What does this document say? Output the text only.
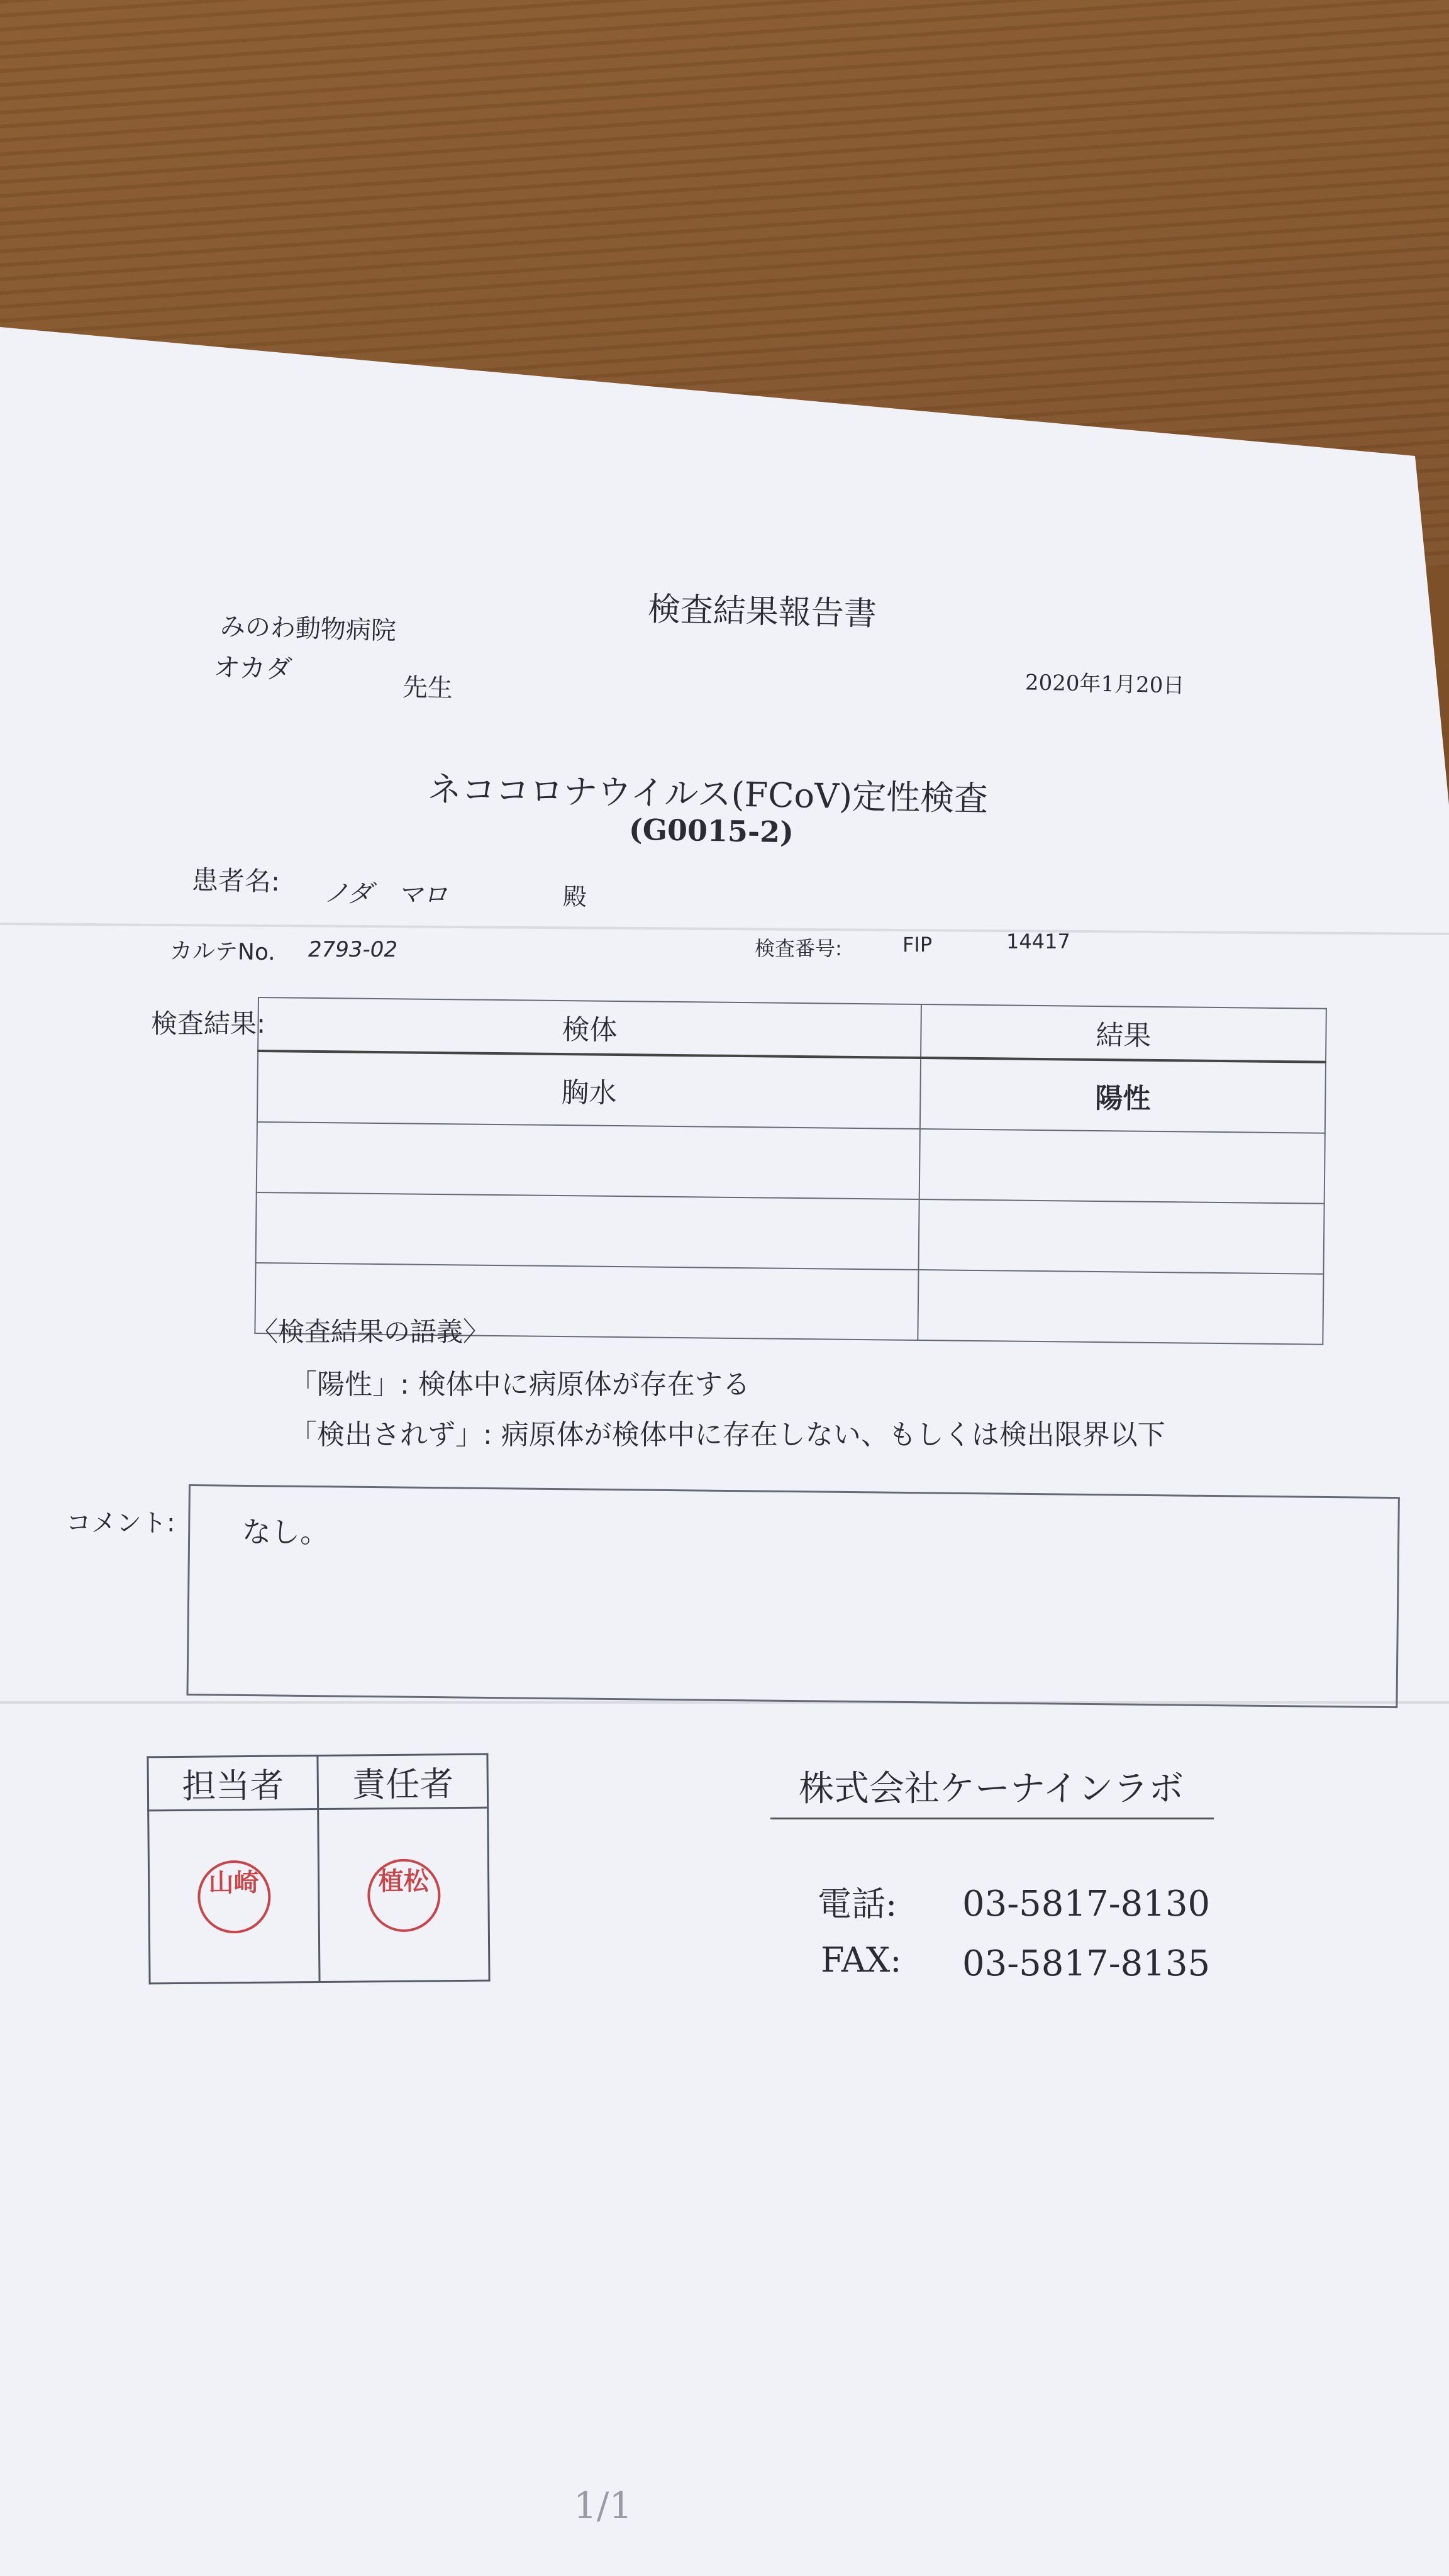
検査結果報告書
みのわ動物病院
オカダ
先生	2020年1月20日
ネココロナウイルス(FCoV)定性検査
(G0015-2)
患者名: ノダ　マロ	殿
カルテNo. 2793-02	検査番号:	FIP	14417
検査結果:	検体	結果
胸水	陽性

〈検査結果の語義〉
「陽性」: 検体中に病原体が存在する
「検出されず」: 病原体が検体中に存在しない、もしくは検出限界以下
コメント: なし。
担当者	責任者
山崎	植松
株式会社ケーナインラボ
電話: 03-5817-8130
FAX: 03-5817-8135
1/1
